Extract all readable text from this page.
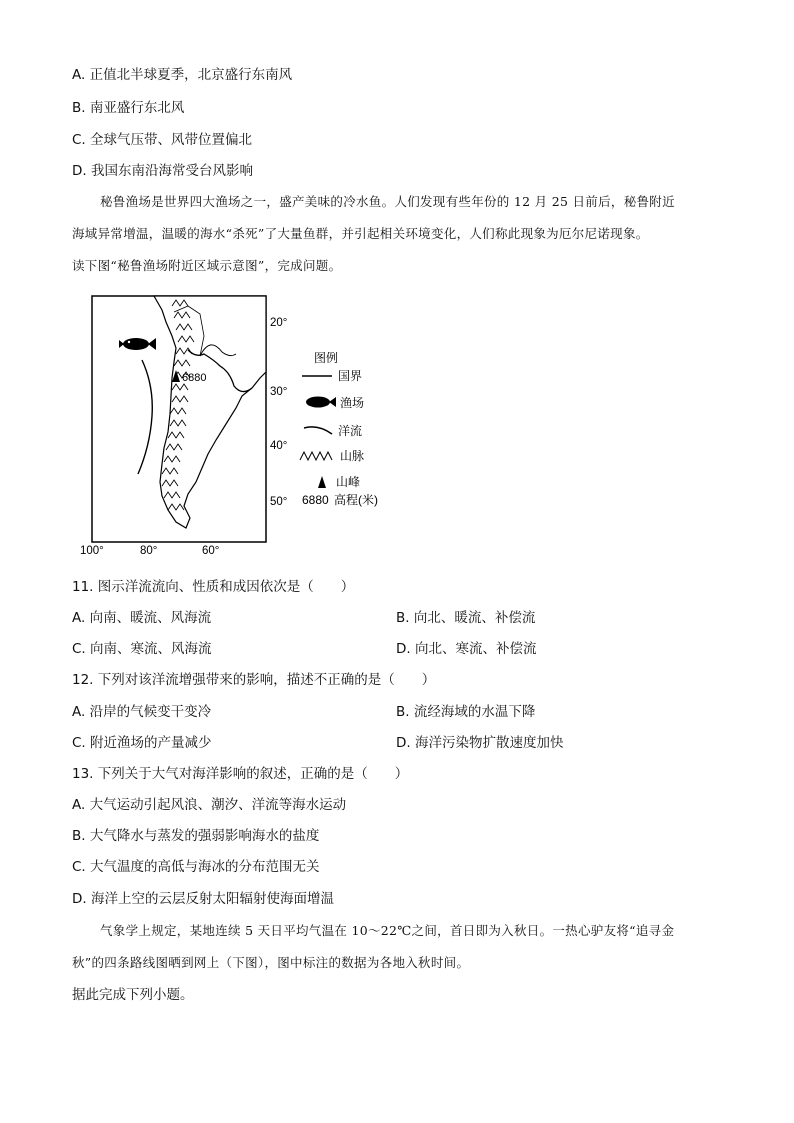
A. 正值北半球夏季，北京盛行东南风
B. 南亚盛行东北风
C. 全球气压带、风带位置偏北
D. 我国东南沿海常受台风影响
秘鲁渔场是世界四大渔场之一，盛产美味的冷水鱼。人们发现有些年份的 12 月 25 日前后，秘鲁附近
海域异常增温，温暖的海水“杀死”了大量鱼群，并引起相关环境变化，人们称此现象为厄尔尼诺现象。
读下图“秘鲁渔场附近区域示意图”，完成问题。
6880
20°
30°
40°
50°
100°	80°	60°
图例
国界
渔场
洋流
山脉
山峰
6880 高程(米)
11. 图示洋流流向、性质和成因依次是（　　）
A. 向南、暖流、风海流	B. 向北、暖流、补偿流
C. 向南、寒流、风海流	D. 向北、寒流、补偿流
12. 下列对该洋流增强带来的影响，描述不正确的是（　　）
A. 沿岸的气候变干变冷	B. 流经海域的水温下降
C. 附近渔场的产量减少	D. 海洋污染物扩散速度加快
13. 下列关于大气对海洋影响的叙述，正确的是（　　）
A. 大气运动引起风浪、潮汐、洋流等海水运动
B. 大气降水与蒸发的强弱影响海水的盐度
C. 大气温度的高低与海冰的分布范围无关
D. 海洋上空的云层反射太阳辐射使海面增温
气象学上规定，某地连续 5 天日平均气温在 10～22℃之间，首日即为入秋日。一热心驴友将“追寻金
秋”的四条路线图晒到网上（下图），图中标注的数据为各地入秋时间。
据此完成下列小题。
